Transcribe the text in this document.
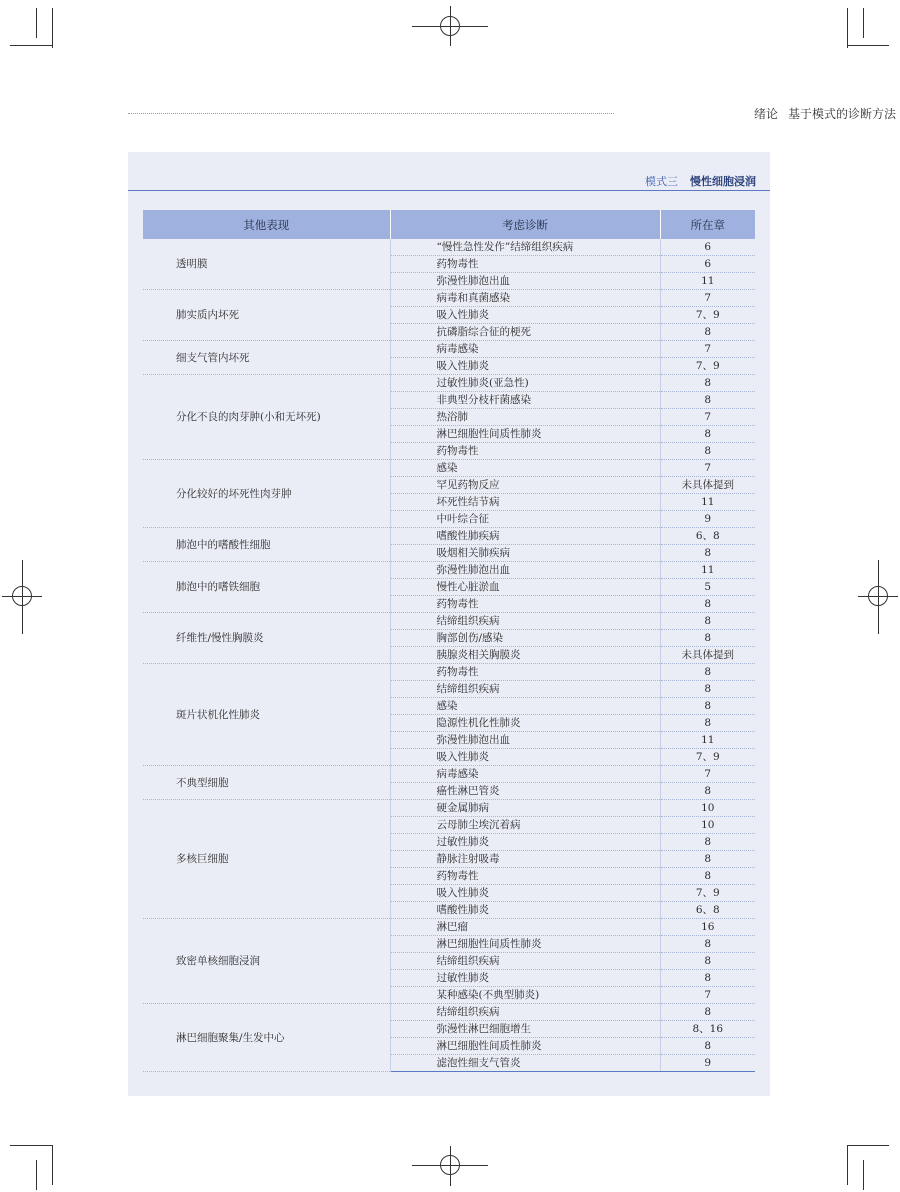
绪论 基于模式的诊断方法
模式三 慢性细胞浸润
其他表现	考虑诊断	所在章
透明膜	“慢性急性发作”结缔组织疾病	6
	药物毒性	6
	弥漫性肺泡出血	11
肺实质内坏死	病毒和真菌感染	7
	吸入性肺炎	7、9
	抗磷脂综合征的梗死	8
细支气管内坏死	病毒感染	7
	吸入性肺炎	7、9
分化不良的肉芽肿(小和无坏死)	过敏性肺炎(亚急性)	8
	非典型分枝杆菌感染	8
	热浴肺	7
	淋巴细胞性间质性肺炎	8
	药物毒性	8
分化较好的坏死性肉芽肿	感染	7
	罕见药物反应	未具体提到
	坏死性结节病	11
	中叶综合征	9
肺泡中的嗜酸性细胞	嗜酸性肺疾病	6、8
	吸烟相关肺疾病	8
肺泡中的嗜铁细胞	弥漫性肺泡出血	11
	慢性心脏淤血	5
	药物毒性	8
纤维性/慢性胸膜炎	结缔组织疾病	8
	胸部创伤/感染	8
	胰腺炎相关胸膜炎	未具体提到
斑片状机化性肺炎	药物毒性	8
	结缔组织疾病	8
	感染	8
	隐源性机化性肺炎	8
	弥漫性肺泡出血	11
	吸入性肺炎	7、9
不典型细胞	病毒感染	7
	癌性淋巴管炎	8
多核巨细胞	硬金属肺病	10
	云母肺尘埃沉着病	10
	过敏性肺炎	8
	静脉注射吸毒	8
	药物毒性	8
	吸入性肺炎	7、9
	嗜酸性肺炎	6、8
致密单核细胞浸润	淋巴瘤	16
	淋巴细胞性间质性肺炎	8
	结缔组织疾病	8
	过敏性肺炎	8
	某种感染(不典型肺炎)	7
淋巴细胞聚集/生发中心	结缔组织疾病	8
	弥漫性淋巴细胞增生	8、16
	淋巴细胞性间质性肺炎	8
	滤泡性细支气管炎	9
